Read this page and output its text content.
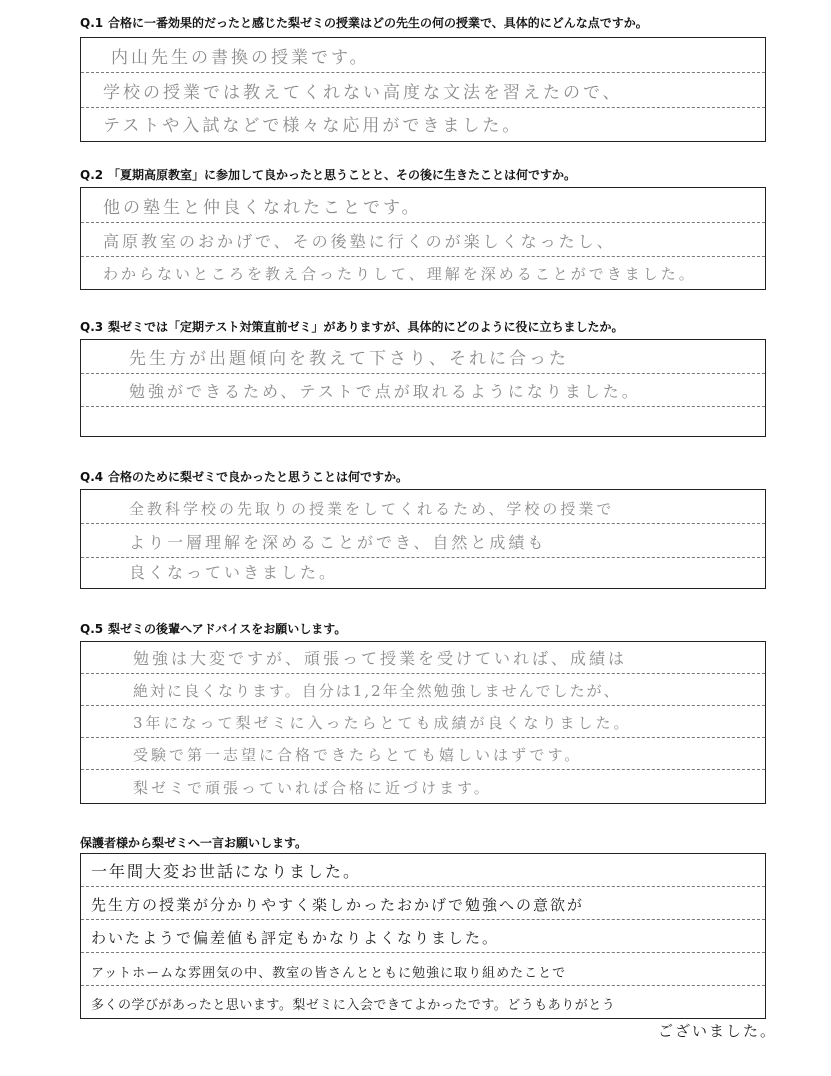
Q.1 合格に一番効果的だったと感じた梨ゼミの授業はどの先生の何の授業で、具体的にどんな点ですか。
内山先生の書換の授業です。
学校の授業では教えてくれない高度な文法を習えたので、
テストや入試などで様々な応用ができました。
Q.2 「夏期高原教室」に参加して良かったと思うことと、その後に生きたことは何ですか。
他の塾生と仲良くなれたことです。
高原教室のおかげで、その後塾に行くのが楽しくなったし、
わからないところを教え合ったりして、理解を深めることができました。
Q.3 梨ゼミでは「定期テスト対策直前ゼミ」がありますが、具体的にどのように役に立ちましたか。
先生方が出題傾向を教えて下さり、それに合った
勉強ができるため、テストで点が取れるようになりました。
Q.4 合格のために梨ゼミで良かったと思うことは何ですか。
全教科学校の先取りの授業をしてくれるため、学校の授業で
より一層理解を深めることができ、自然と成績も
良くなっていきました。
Q.5 梨ゼミの後輩へアドバイスをお願いします。
勉強は大変ですが、頑張って授業を受けていれば、成績は
絶対に良くなります。自分は1,2年全然勉強しませんでしたが、
3年になって梨ゼミに入ったらとても成績が良くなりました。
受験で第一志望に合格できたらとても嬉しいはずです。
梨ゼミで頑張っていれば合格に近づけます。
保護者様から梨ゼミへ一言お願いします。
一年間大変お世話になりました。
先生方の授業が分かりやすく楽しかったおかげで勉強への意欲が
わいたようで偏差値も評定もかなりよくなりました。
アットホームな雰囲気の中、教室の皆さんとともに勉強に取り組めたことで
多くの学びがあったと思います。梨ゼミに入会できてよかったです。どうもありがとう
ございました。
